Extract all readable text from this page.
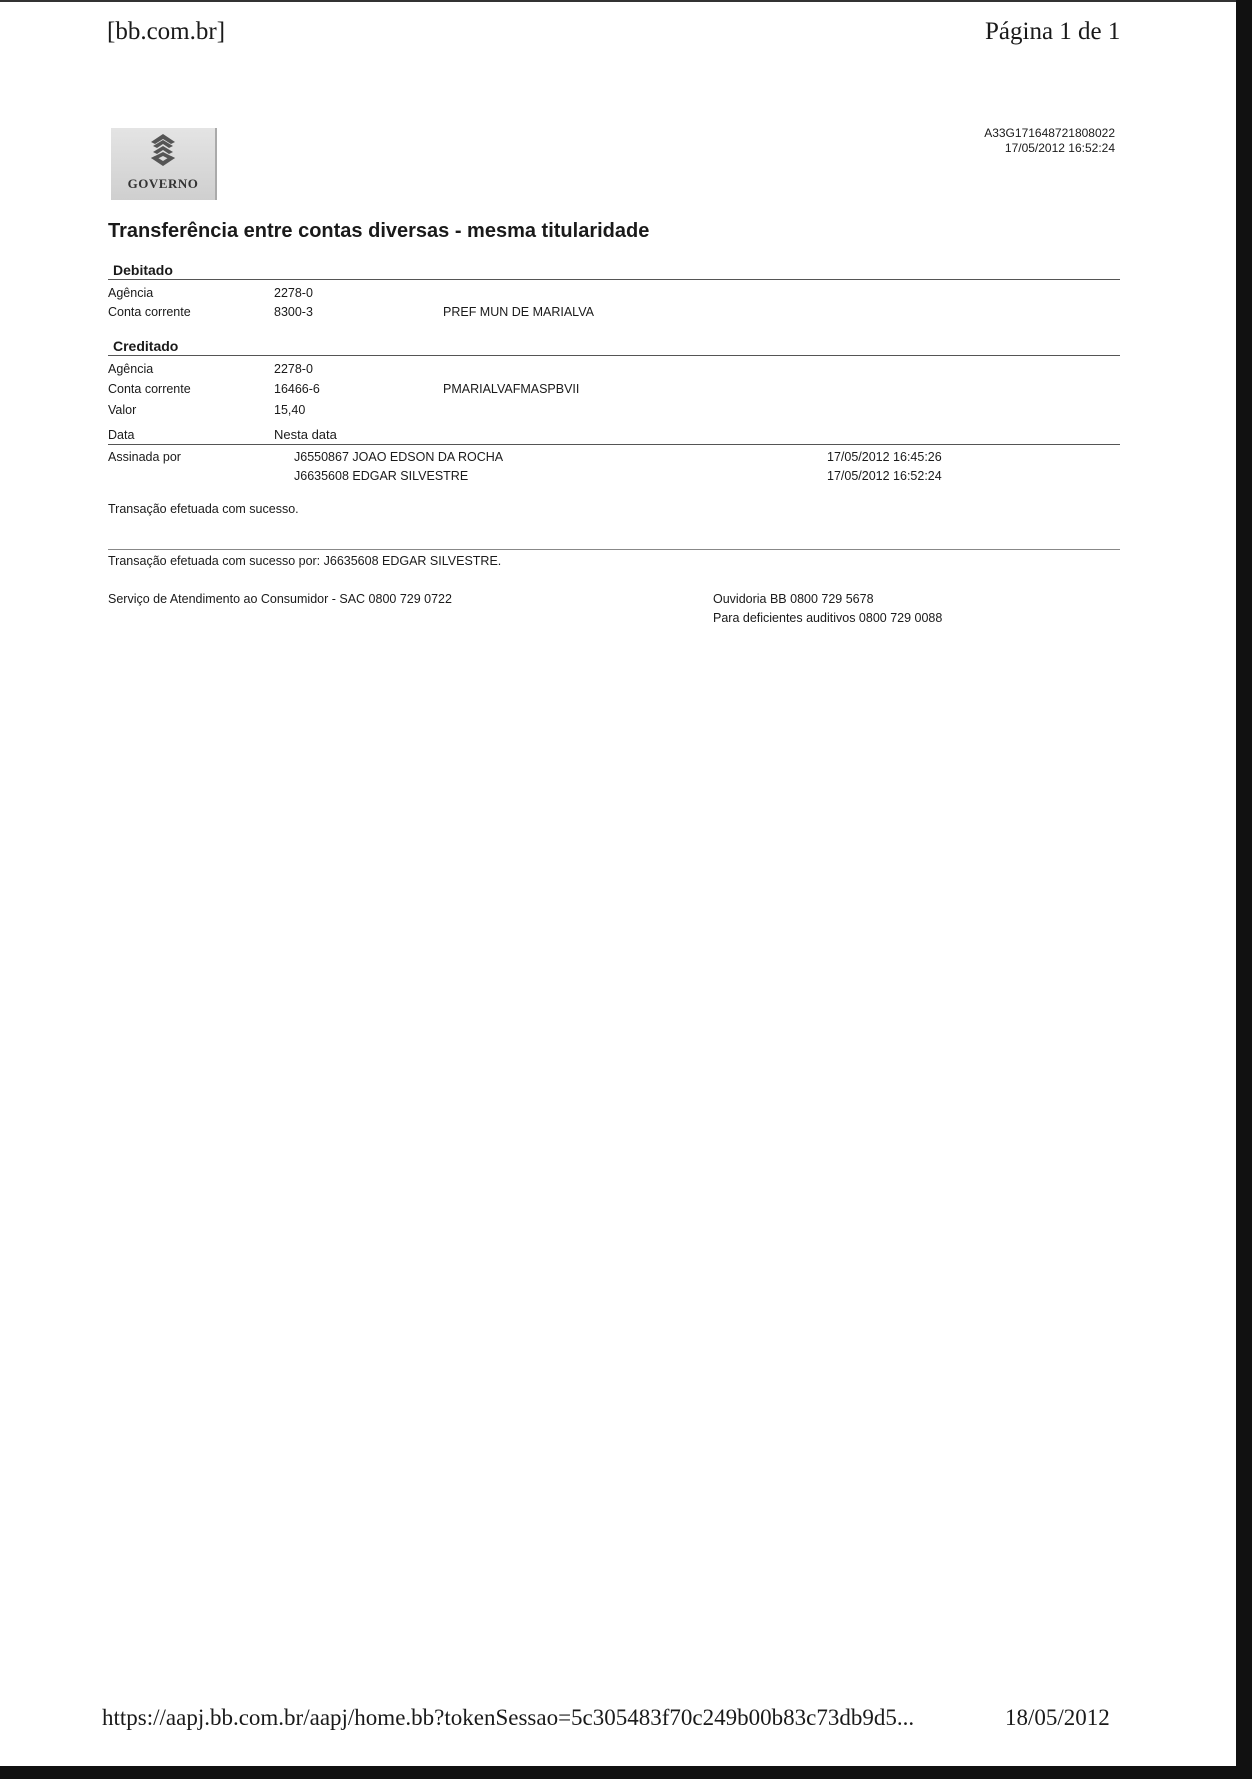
[bb.com.br]	Página 1 de 1
GOVERNO
A33G171648721808022
17/05/2012 16:52:24
Transferência entre contas diversas - mesma titularidade
Debitado
Agência	2278-0
Conta corrente	8300-3	PREF MUN DE MARIALVA
Creditado
Agência	2278-0
Conta corrente	16466-6	PMARIALVAFMASPBVII
Valor	15,40
Data	Nesta data
Assinada por	J6550867 JOAO EDSON DA ROCHA	17/05/2012 16:45:26
J6635608 EDGAR SILVESTRE	17/05/2012 16:52:24
Transação efetuada com sucesso.
Transação efetuada com sucesso por: J6635608 EDGAR SILVESTRE.
Serviço de Atendimento ao Consumidor - SAC 0800 729 0722	Ouvidoria BB 0800 729 5678
Para deficientes auditivos 0800 729 0088
https://aapj.bb.com.br/aapj/home.bb?tokenSessao=5c305483f70c249b00b83c73db9d5...	18/05/2012
